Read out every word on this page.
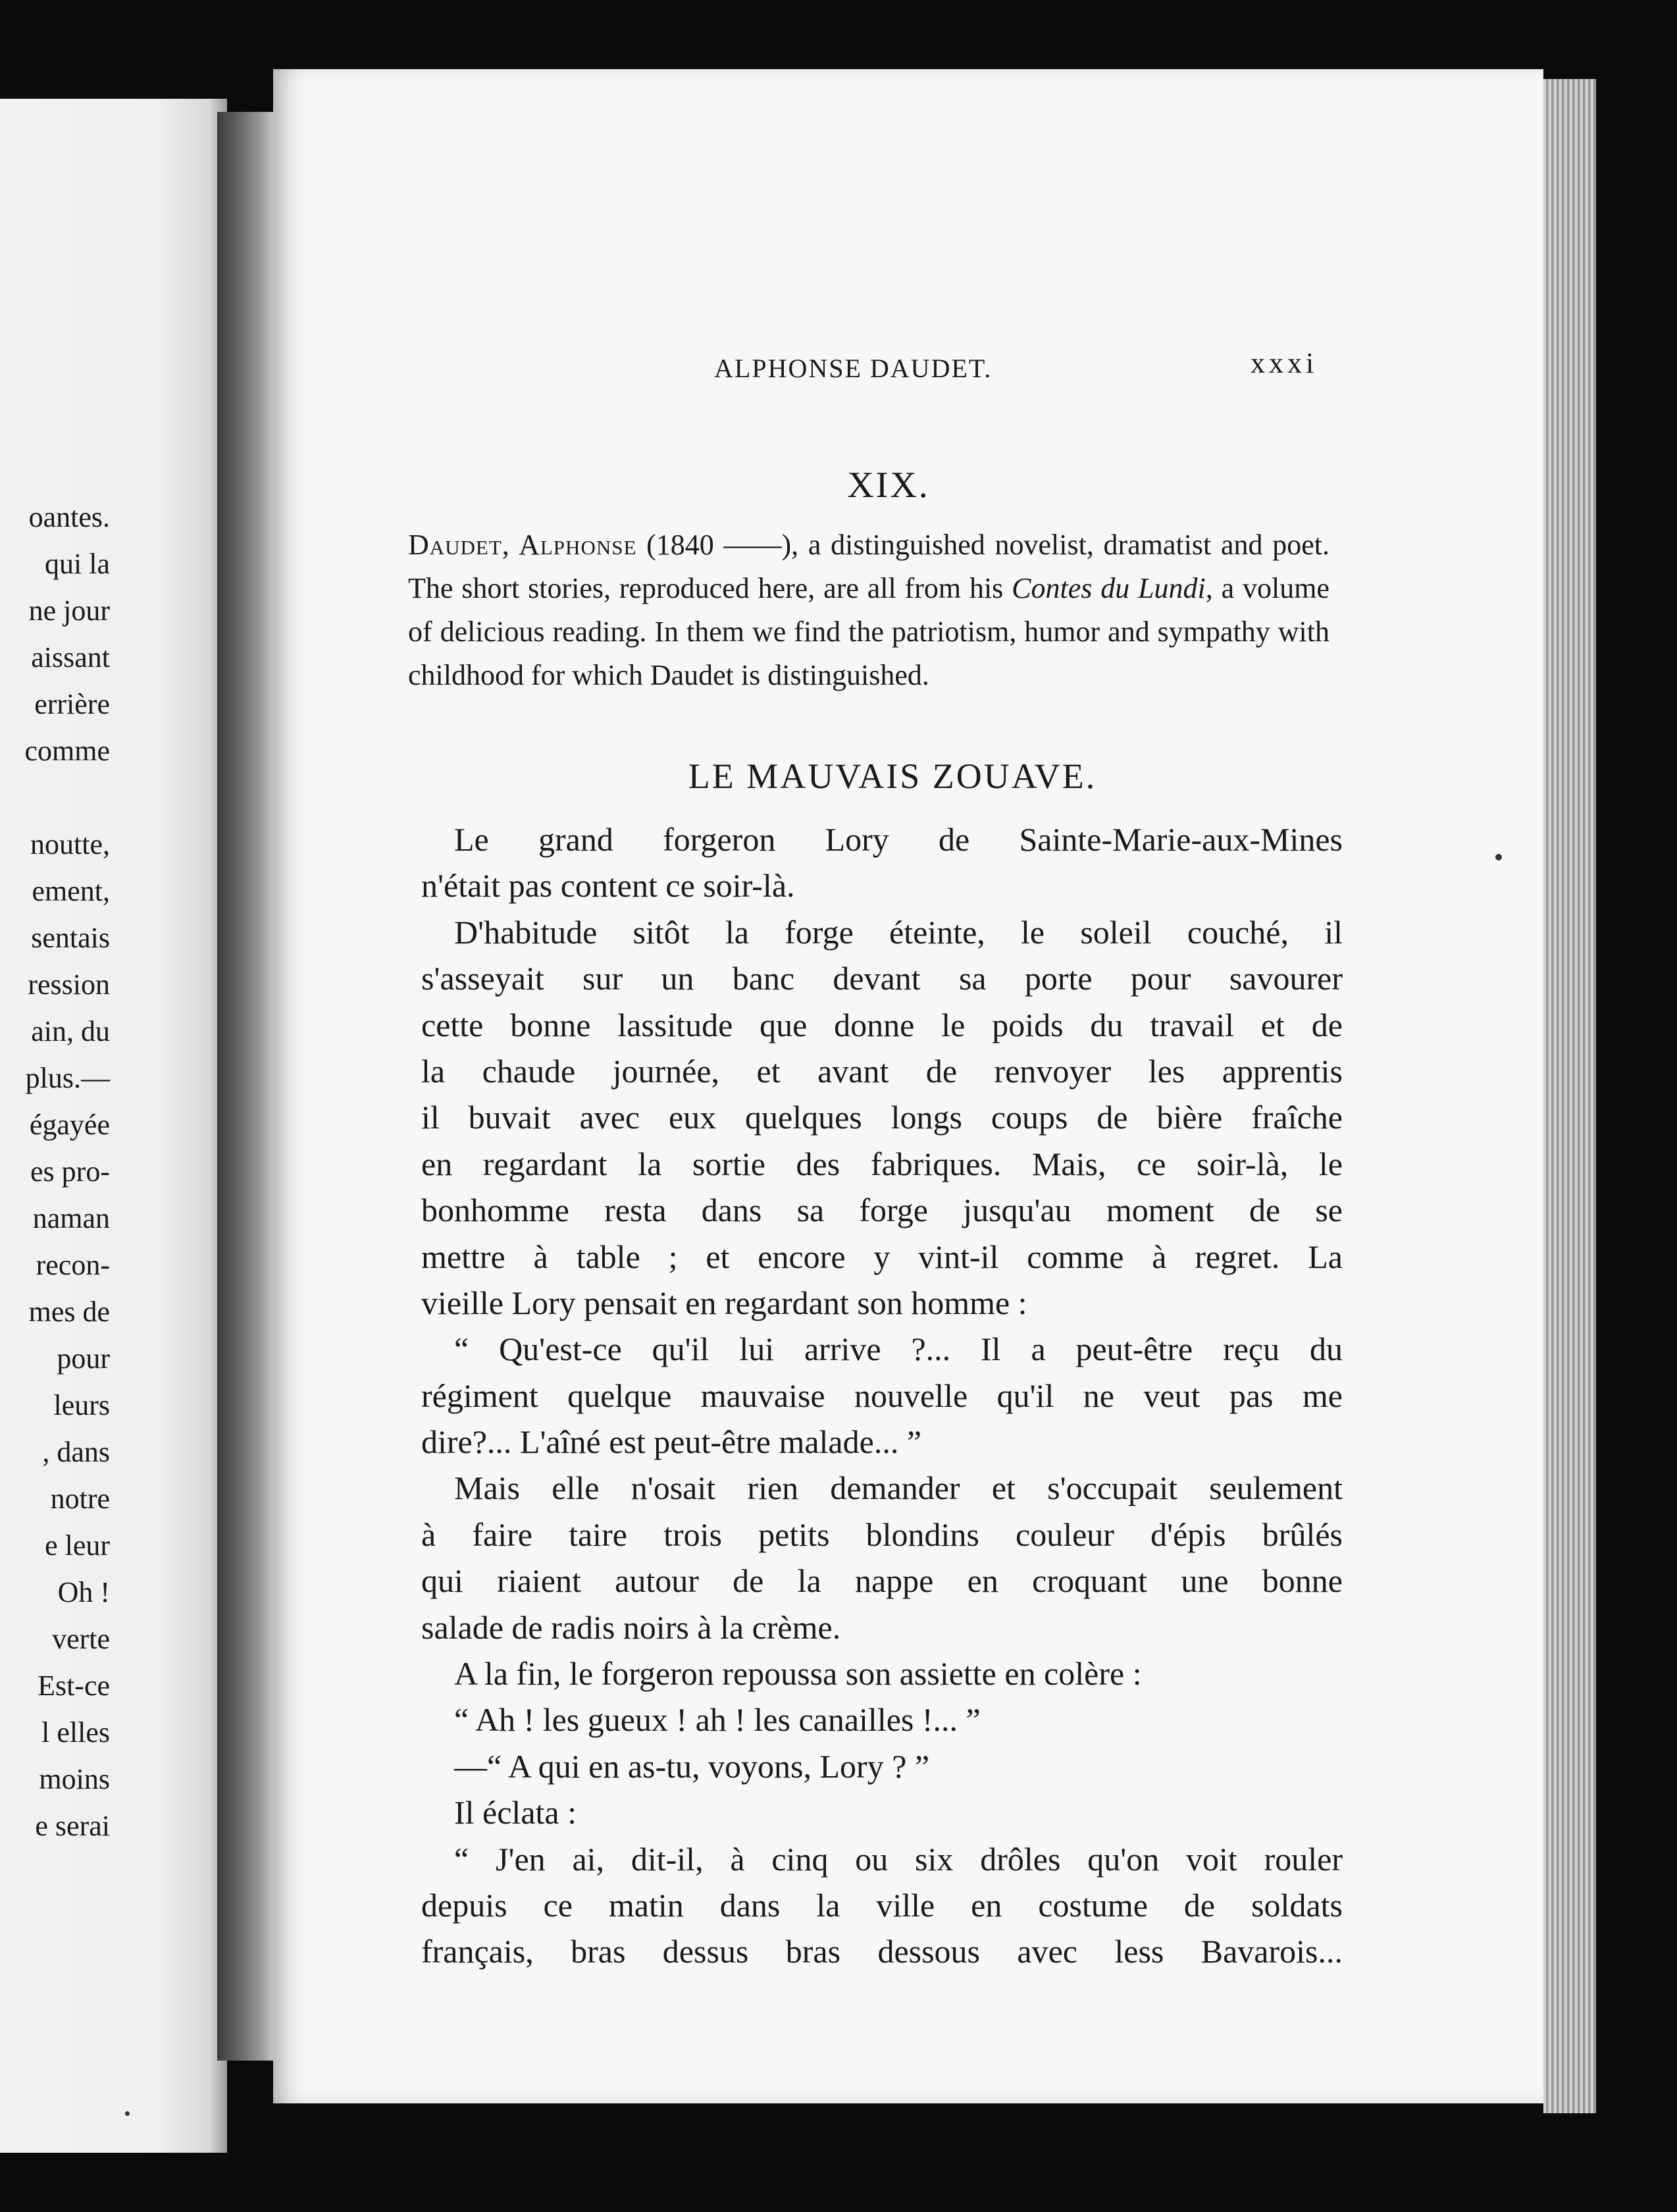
oantes.
qui la
ne jour
aissant
errière
comme
noutte,
ement,
sentais
ression
ain, du
plus.—
égayée
es pro-
naman
recon-
mes de
pour
leurs
, dans
notre
e leur
Oh !
verte
Est-ce
l elles
moins
e serai
ALPHONSE DAUDET.	xxxi
XIX.
Daudet, Alphonse (1840 ——), a distinguished novelist, dramatist and poet. The short stories, reproduced here, are all from his Contes du Lundi, a volume of delicious reading. In them we find the patriotism, humor and sympathy with childhood for which Daudet is distinguished.
LE MAUVAIS ZOUAVE.
Le grand forgeron Lory de Sainte-Marie-aux-Mines
n'était pas content ce soir-là.
D'habitude sitôt la forge éteinte, le soleil couché, il
s'asseyait sur un banc devant sa porte pour savourer
cette bonne lassitude que donne le poids du travail et de
la chaude journée, et avant de renvoyer les apprentis
il buvait avec eux quelques longs coups de bière fraîche
en regardant la sortie des fabriques. Mais, ce soir-là, le
bonhomme resta dans sa forge jusqu'au moment de se
mettre à table ; et encore y vint-il comme à regret. La
vieille Lory pensait en regardant son homme :
“ Qu'est-ce qu'il lui arrive ?... Il a peut-être reçu du
régiment quelque mauvaise nouvelle qu'il ne veut pas me
dire?... L'aîné est peut-être malade... ”
Mais elle n'osait rien demander et s'occupait seulement
à faire taire trois petits blondins couleur d'épis brûlés
qui riaient autour de la nappe en croquant une bonne
salade de radis noirs à la crème.
A la fin, le forgeron repoussa son assiette en colère :
“ Ah ! les gueux ! ah ! les canailles !... ”
—“ A qui en as-tu, voyons, Lory ? ”
Il éclata :
“ J'en ai, dit-il, à cinq ou six drôles qu'on voit rouler
depuis ce matin dans la ville en costume de soldats
français, bras dessus bras dessous avec less Bavarois...
